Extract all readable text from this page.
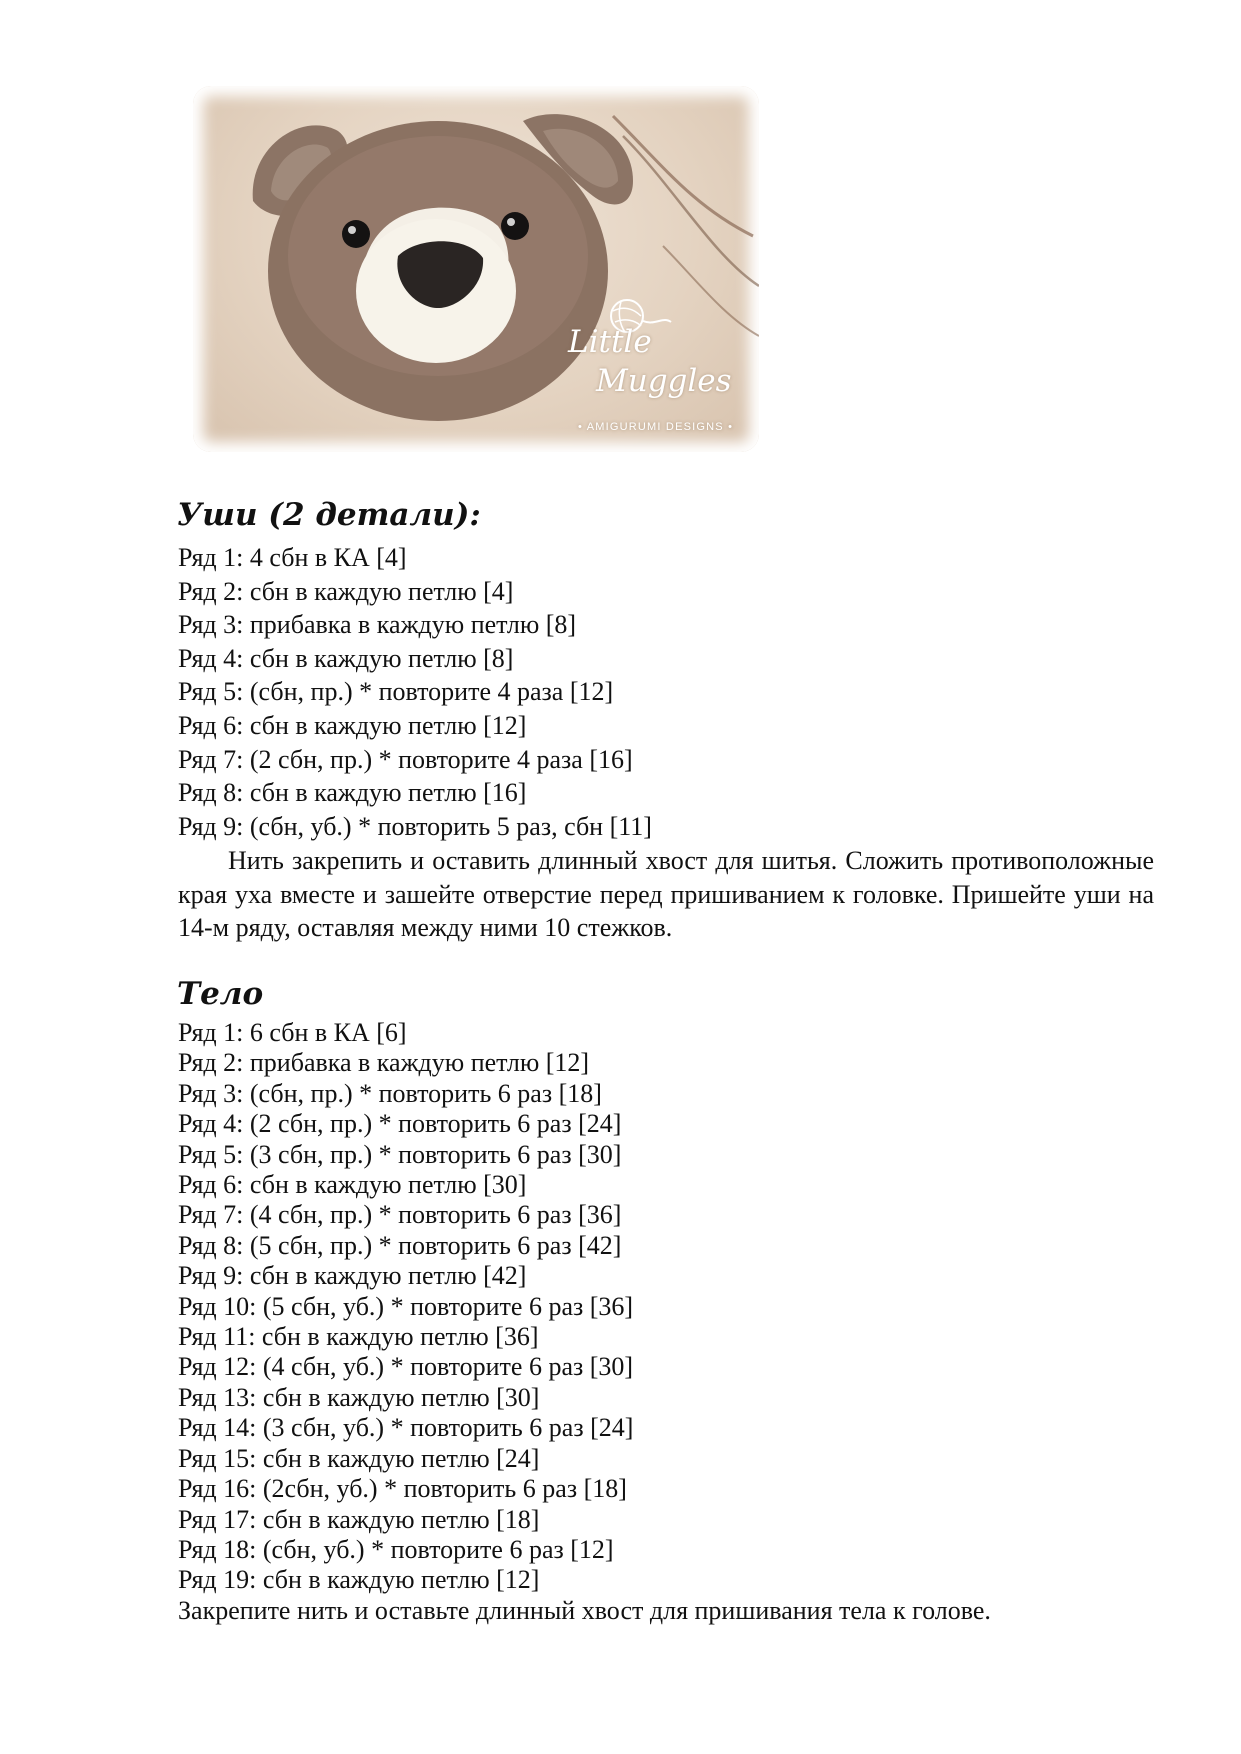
Little
Muggles
• AMIGURUMI DESIGNS •
Уши (2 детали):
Ряд 1: 4 сбн в КА [4]
Ряд 2: сбн в каждую петлю [4]
Ряд 3: прибавка в каждую петлю [8]
Ряд 4: сбн в каждую петлю [8]
Ряд 5: (сбн, пр.) * повторите 4 раза [12]
Ряд 6: сбн в каждую петлю [12]
Ряд 7: (2 сбн, пр.) * повторите 4 раза [16]
Ряд 8: сбн в каждую петлю [16]
Ряд 9: (сбн, уб.) * повторить 5 раз, сбн [11]

Нить закрепить и оставить длинный хвост для шитья. Сложить противоположные края уха вместе и зашейте отверстие перед пришиванием к головке. Пришейте уши на 14-м ряду, оставляя между ними 10 стежков.

Тело
Ряд 1: 6 сбн в КА [6]
Ряд 2: прибавка в каждую петлю [12]
Ряд 3: (сбн, пр.) * повторить 6 раз [18]
Ряд 4: (2 сбн, пр.) * повторить 6 раз [24]
Ряд 5: (3 сбн, пр.) * повторить 6 раз [30]
Ряд 6: сбн в каждую петлю [30]
Ряд 7: (4 сбн, пр.) * повторить 6 раз [36]
Ряд 8: (5 сбн, пр.) * повторить 6 раз [42]
Ряд 9: сбн в каждую петлю [42]
Ряд 10: (5 сбн, уб.) * повторите 6 раз [36]
Ряд 11: сбн в каждую петлю [36]
Ряд 12: (4 сбн, уб.) * повторите 6 раз [30]
Ряд 13: сбн в каждую петлю [30]
Ряд 14: (3 сбн, уб.) * повторить 6 раз [24]
Ряд 15: сбн в каждую петлю [24]
Ряд 16: (2сбн, уб.) * повторить 6 раз [18]
Ряд 17: сбн в каждую петлю [18]
Ряд 18: (сбн, уб.) * повторите 6 раз [12]
Ряд 19: сбн в каждую петлю [12]

Закрепите нить и оставьте длинный хвост для пришивания тела к голове.
